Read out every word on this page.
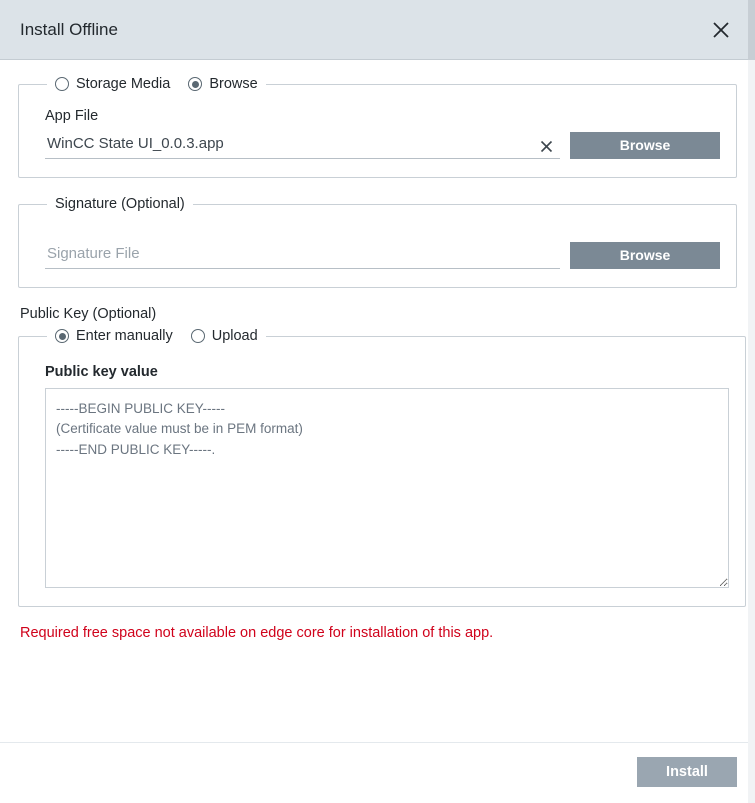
Install Offline
Storage Media	Browse
App File
WinCC State UI_0.0.3.app
Browse
Signature (Optional)
Signature File
Browse
Public Key (Optional)
Enter manually	Upload
Public key value
-----BEGIN PUBLIC KEY----- (Certificate value must be in PEM format) -----END PUBLIC KEY-----.
Required free space not available on edge core for installation of this app.
Install
